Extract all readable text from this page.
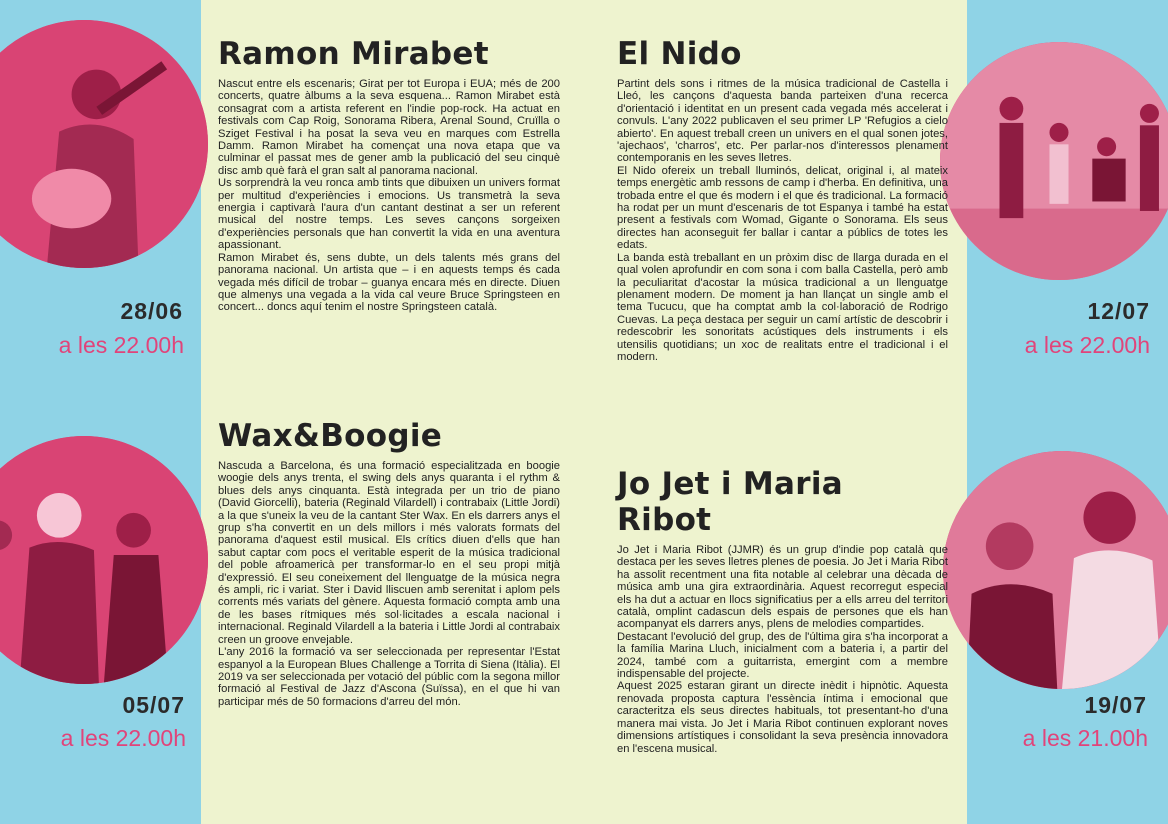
28/06
a les 22.00h
05/07
a les 22.00h
12/07
a les 22.00h
19/07
a les 21.00h
Ramon Mirabet

Nascut entre els escenaris; Girat per tot Europa i EUA; més de 200 concerts, quatre àlbums a la seva esquena... Ramon Mirabet està consagrat com a artista referent en l'indie pop-rock. Ha actuat en festivals com Cap Roig, Sonorama Ribera, Arenal Sound, Cruïlla o Sziget Festival i ha posat la seva veu en marques com Estrella Damm. Ramon Mirabet ha començat una nova etapa que va culminar el passat mes de gener amb la publicació del seu cinquè disc amb què farà el gran salt al panorama nacional.

Us sorprendrà la veu ronca amb tints que dibuixen un univers format per multitud d'experiències i emocions. Us transmetrà la seva energia i captivarà l'aura d'un cantant destinat a ser un referent musical del nostre temps. Les seves cançons sorgeixen d'experiències personals que han convertit la vida en una aventura apassionant.

Ramon Mirabet és, sens dubte, un dels talents més grans del panorama nacional. Un artista que – i en aquests temps és cada vegada més difícil de trobar – guanya encara més en directe. Diuen que almenys una vegada a la vida cal veure Bruce Springsteen en concert... doncs aquí tenim el nostre Springsteen català.

Wax&Boogie

Nascuda a Barcelona, és una formació especialitzada en boogie woogie dels anys trenta, el swing dels anys quaranta i el rythm & blues dels anys cinquanta. Està integrada per un trio de piano (David Giorcelli), bateria (Reginald Vilardell) i contrabaix (Little Jordi) a la que s'uneix la veu de la cantant Ster Wax. En els darrers anys el grup s'ha convertit en un dels millors i més valorats formats del panorama d'aquest estil musical. Els crítics diuen d'ells que han sabut captar com pocs el veritable esperit de la música tradicional del poble afroamericà per transformar-lo en el seu propi mitjà d'expressió. El seu coneixement del llenguatge de la música negra és ampli, ric i variat. Ster i David lliscuen amb serenitat i aplom pels corrents més variats del gènere. Aquesta formació compta amb una de les bases rítmiques més sol·licitades a escala nacional i internacional. Reginald Vilardell a la bateria i Little Jordi al contrabaix creen un groove envejable.

L'any 2016 la formació va ser seleccionada per representar l'Estat espanyol a la European Blues Challenge a Torrita di Siena (Itàlia). El 2019 va ser seleccionada per votació del públic com la segona millor formació al Festival de Jazz d'Ascona (Suïssa), en el que hi van participar més de 50 formacions d'arreu del món.

El Nido

Partint dels sons i ritmes de la música tradicional de Castella i Lleó, les cançons d'aquesta banda parteixen d'una recerca d'orientació i identitat en un present cada vegada més accelerat i convuls. L'any 2022 publicaven el seu primer LP 'Refugios a cielo abierto'. En aquest treball creen un univers en el qual sonen jotes, 'ajechaos', 'charros', etc. Per parlar-nos d'interessos plenament contemporanis en les seves lletres.

El Nido ofereix un treball lluminós, delicat, original i, al mateix temps energètic amb ressons de camp i d'herba. En definitiva, una trobada entre el que és modern i el que és tradicional. La formació ha rodat per un munt d'escenaris de tot Espanya i també ha estat present a festivals com Womad, Gigante o Sonorama. Els seus directes han aconseguit fer ballar i cantar a públics de totes les edats.

La banda està treballant en un pròxim disc de llarga durada en el qual volen aprofundir en com sona i com balla Castella, però amb la peculiaritat d'acostar la música tradicional a un llenguatge plenament modern. De moment ja han llançat un single amb el tema Tucucu, que ha comptat amb la col·laboració de Rodrigo Cuevas. La peça destaca per seguir un camí artístic de descobrir i redescobrir les sonoritats acústiques dels instruments i els utensilis quotidians; un xoc de realitats entre el tradicional i el modern.

Jo Jet i Maria Ribot

Jo Jet i Maria Ribot (JJMR) és un grup d'indie pop català que destaca per les seves lletres plenes de poesia. Jo Jet i Maria Ribot ha assolit recentment una fita notable al celebrar una dècada de música amb una gira extraordinària. Aquest recorregut especial els ha dut a actuar en llocs significatius per a ells arreu del territori català, omplint cadascun dels espais de persones que els han acompanyat els darrers anys, plens de melodies compartides.

Destacant l'evolució del grup, des de l'última gira s'ha incorporat a la família Marina Lluch, inicialment com a bateria i, a partir del 2024, també com a guitarrista, emergint com a membre indispensable del projecte.

Aquest 2025 estaran girant un directe inèdit i hipnòtic. Aquesta renovada proposta captura l'essència íntima i emocional que caracteritza els seus directes habituals, tot presentant-ho d'una manera mai vista. Jo Jet i Maria Ribot continuen explorant noves dimensions artístiques i consolidant la seva presència innovadora en l'escena musical.
